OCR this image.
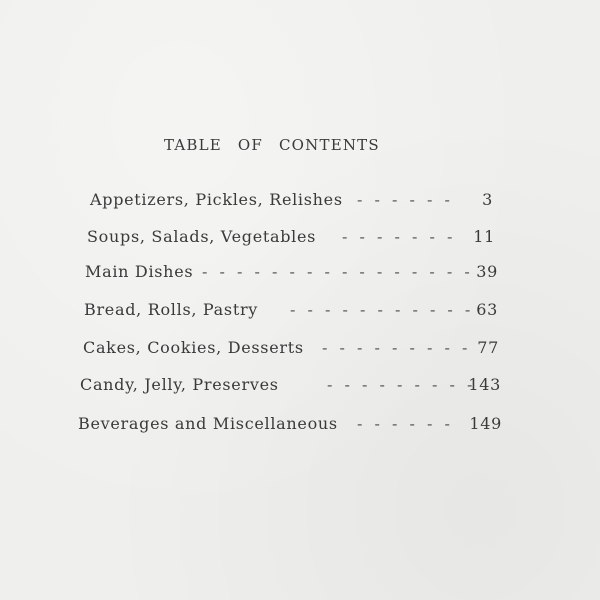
TABLE OF CONTENTS
Appetizers, Pickles, Relishes - - - - - - 3
Soups, Salads, Vegetables - - - - - - - 11
Main Dishes - - - - - - - - - - - - - - - - 39
Bread, Rolls, Pastry - - - - - - - - - - - 63
Cakes, Cookies, Desserts - - - - - - - - - 77
Candy, Jelly, Preserves	- - - - - - - - -
143
Beverages and Miscellaneous - - - - - - 149
